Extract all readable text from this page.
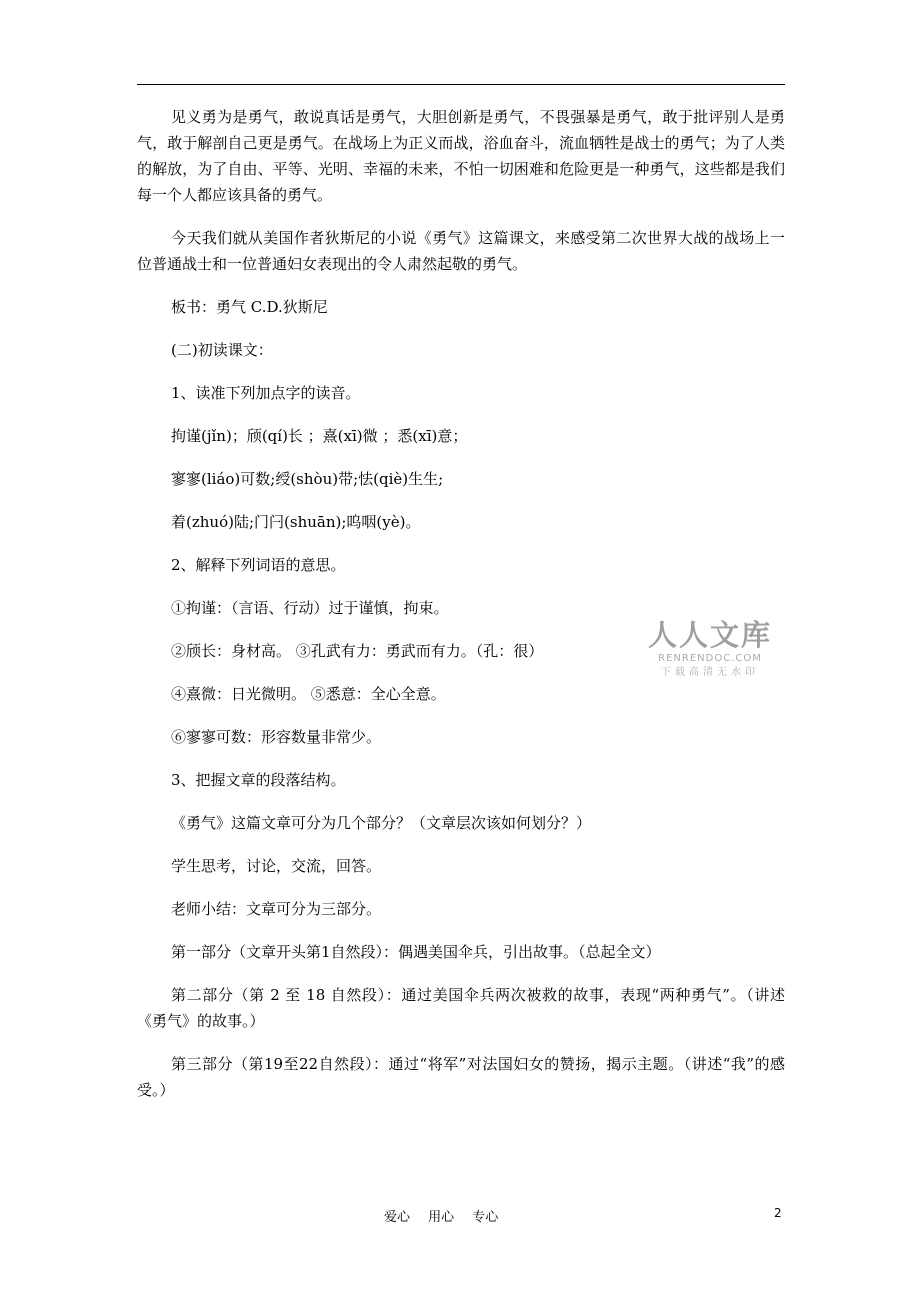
见义勇为是勇气，敢说真话是勇气，大胆创新是勇气，不畏强暴是勇气，敢于批评别人是勇气，敢于解剖自己更是勇气。在战场上为正义而战，浴血奋斗，流血牺牲是战士的勇气；为了人类的解放，为了自由、平等、光明、幸福的未来，不怕一切困难和危险更是一种勇气，这些都是我们每一个人都应该具备的勇气。

今天我们就从美国作者狄斯尼的小说《勇气》这篇课文，来感受第二次世界大战的战场上一位普通战士和一位普通妇女表现出的令人肃然起敬的勇气。

板书：勇气 C.D.狄斯尼

(二)初读课文：

1、读准下列加点字的读音。

拘谨(jǐn)；颀(qí)长 ；熹(xī)微 ；悉(xī)意；

寥寥(liáo)可数;绶(shòu)带;怯(qiè)生生;

着(zhuó)陆;门闩(shuān);呜咽(yè)。

2、解释下列词语的意思。

①拘谨：（言语、行动）过于谨慎，拘束。

②颀长：身材高。 ③孔武有力：勇武而有力。（孔：很）

④熹微：日光微明。 ⑤悉意：全心全意。

⑥寥寥可数：形容数量非常少。

3、把握文章的段落结构。

《勇气》这篇文章可分为几个部分？（文章层次该如何划分？）

学生思考，讨论，交流，回答。

老师小结：文章可分为三部分。

第一部分（文章开头第1自然段）：偶遇美国伞兵，引出故事。（总起全文）

第二部分（第 2 至 18 自然段）：通过美国伞兵两次被救的故事，表现“两种勇气”。（讲述《勇气》的故事。）

第三部分（第19至22自然段）：通过“将军”对法国妇女的赞扬，揭示主题。（讲述“我”的感受。）

人人文库
RENRENDOC.COM
下载高清无水印
爱心 用心 专心	2
